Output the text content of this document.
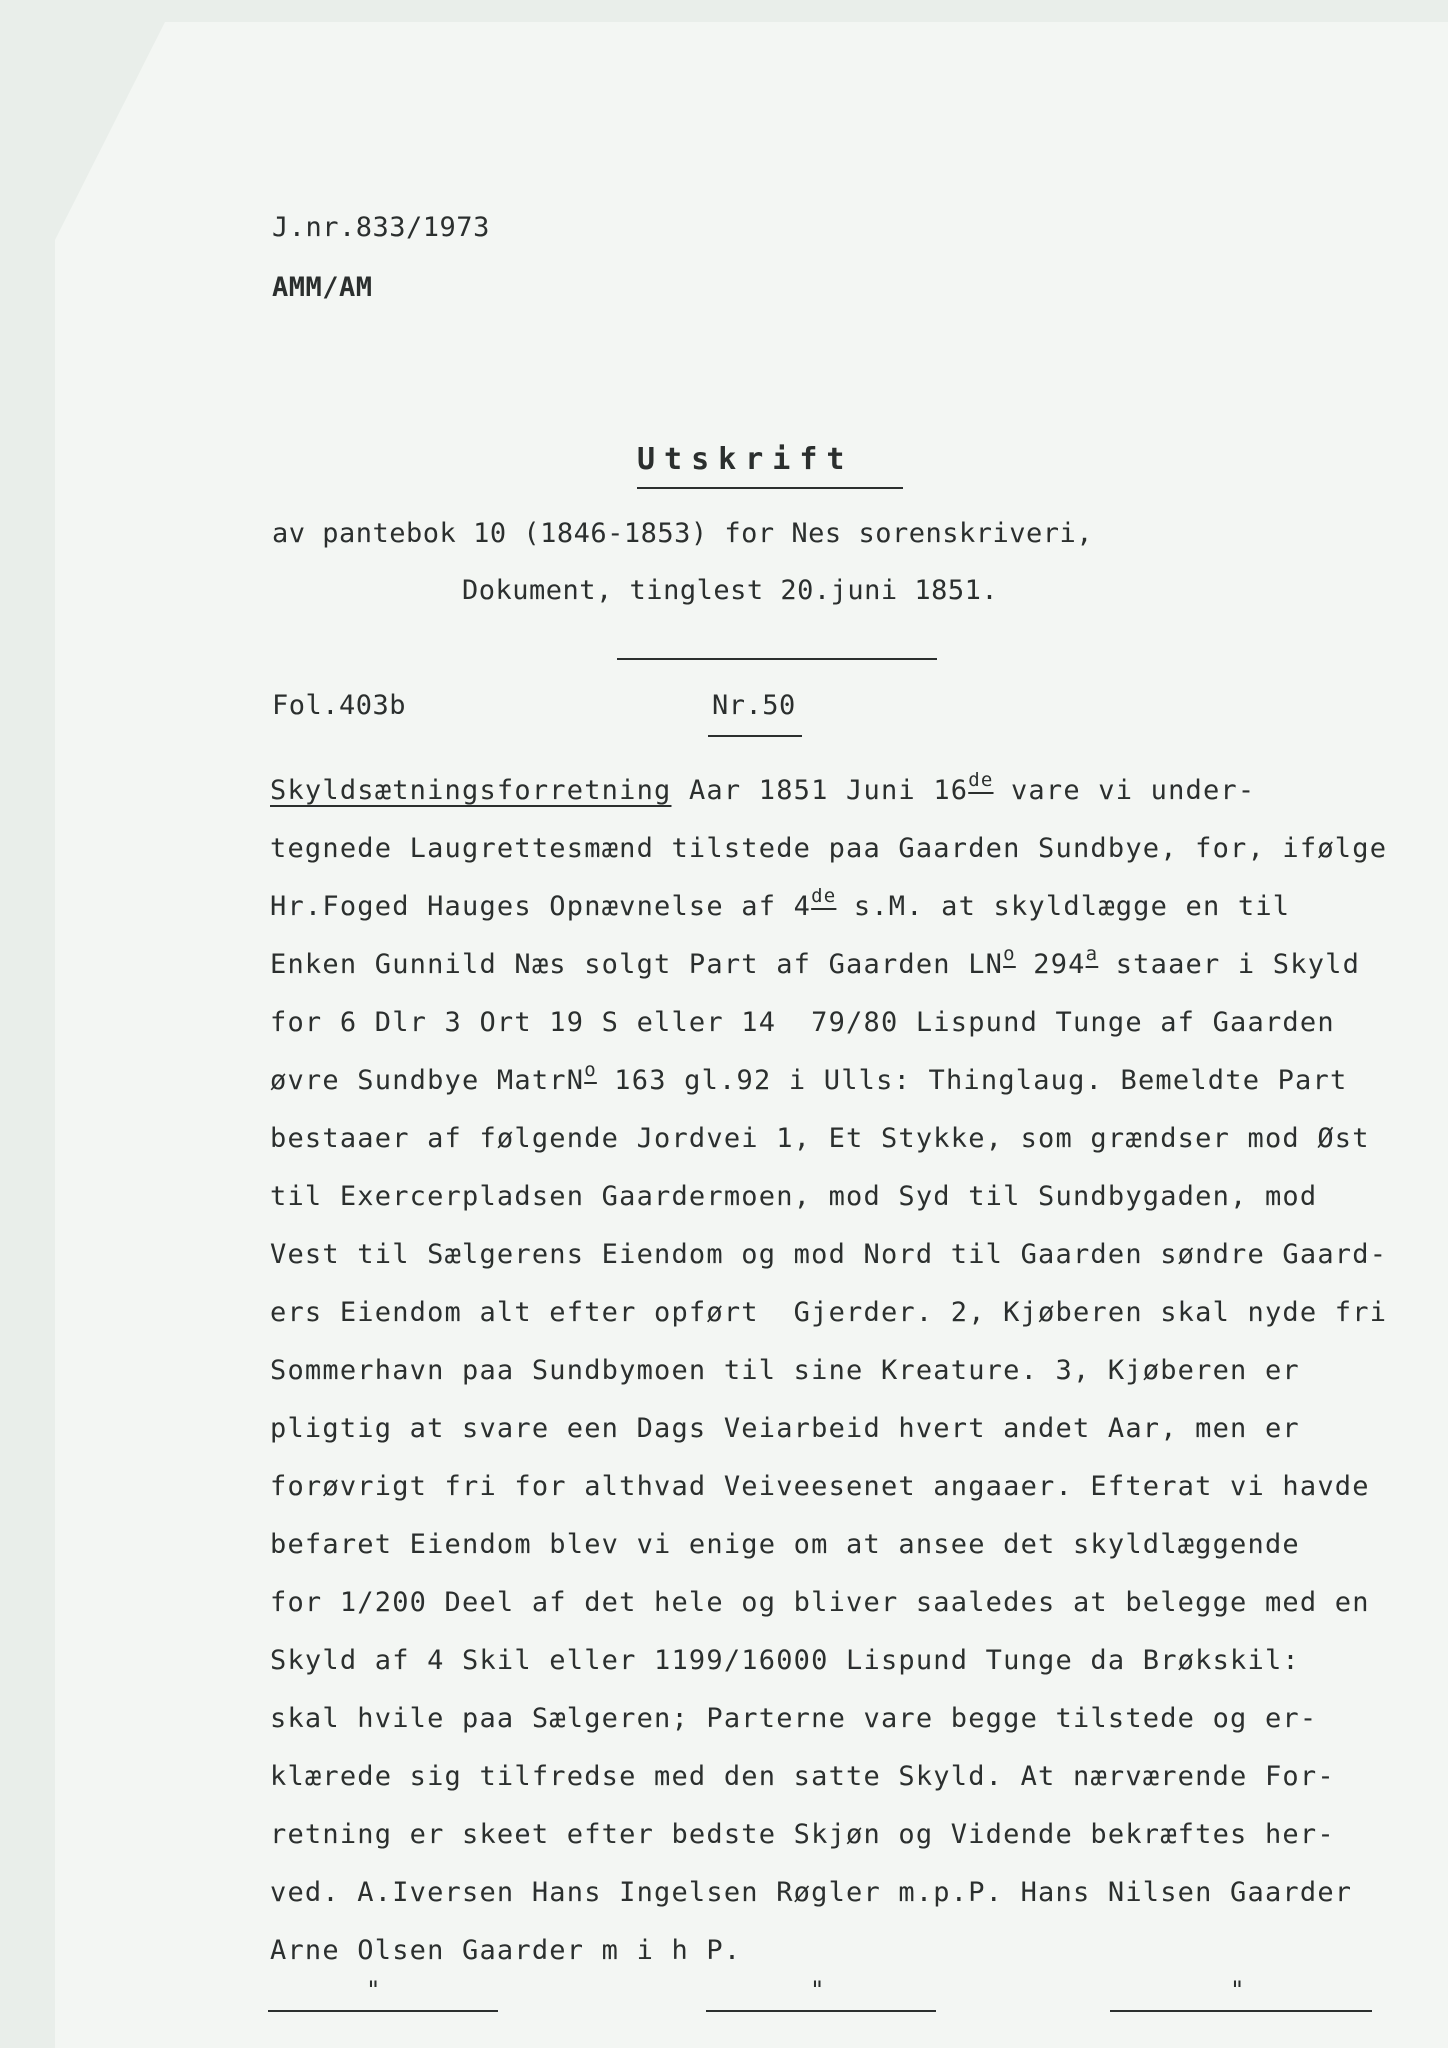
J.nr.833/1973
AMM/AM
Utskrift
av pantebok 10 (1846-1853) for Nes sorenskriveri,
Dokument, tinglest 20.juni 1851.
Fol.403b	Nr.50
Skyldsætningsforretning Aar 1851 Juni 16de vare vi under-
tegnede Laugrettesmænd tilstede paa Gaarden Sundbye, for, ifølge
Hr.Foged Hauges Opnævnelse af 4de s.M. at skyldlægge en til
Enken Gunnild Næs solgt Part af Gaarden $LN^o$ 294$^a$ staaer i Skyld
for 6 Dlr 3 Ort 19 S eller 14  79/80 Lispund Tunge af Gaarden
øvre Sundbye MatrN$^o$ 163 gl.92 i Ulls: Thinglaug. Bemeldte Part
bestaaer af følgende Jordvei 1, Et Stykke, som grændser mod Øst
til Exercerpladsen Gaardermoen, mod Syd til Sundbygaden, mod
Vest til Sælgerens Eiendom og mod Nord til Gaarden søndre Gaard-
ers Eiendom alt efter opført  Gjerder. 2, Kjøberen skal nyde fri
Sommerhavn paa Sundbymoen til sine Kreature. 3, Kjøberen er
pligtig at svare een Dags Veiarbeid hvert andet Aar, men er
forøvrigt fri for althvad Veiveesenet angaaer. Efterat vi havde
befaret Eiendom blev vi enige om at ansee det skyldlæggende
for 1/200 Deel af det hele og bliver saaledes at belegge med en
Skyld af 4 Skil eller 1199/16000 Lispund Tunge da Brøkskil:
skal hvile paa Sælgeren; Parterne vare begge tilstede og er-
klærede sig tilfredse med den satte Skyld. At nærværende For-
retning er skeet efter bedste Skjøn og Vidende bekræftes her-
ved. A.Iversen Hans Ingelsen Røgler m.p.P. Hans Nilsen Gaarder
Arne Olsen Gaarder m i h P.
"	"	"
